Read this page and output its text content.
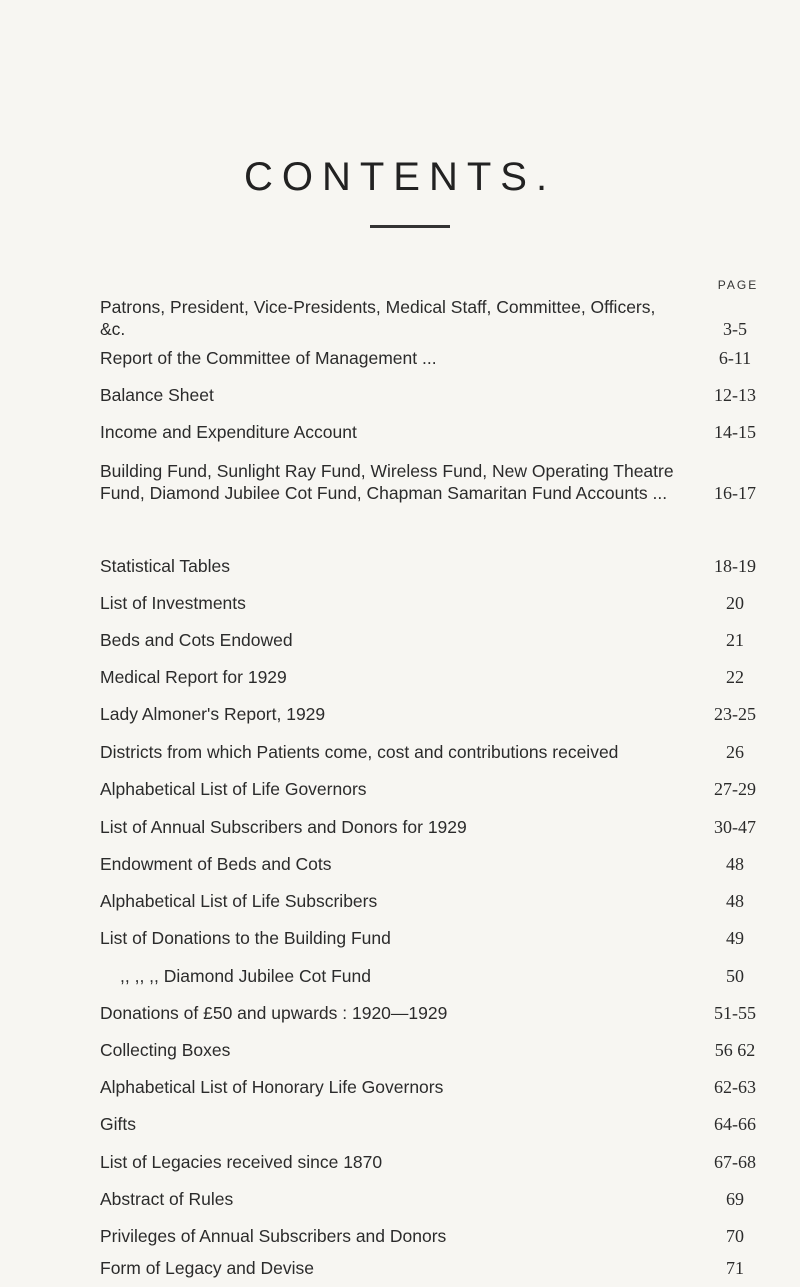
CONTENTS.
PAGE
Patrons, President, Vice-Presidents, Medical Staff, Committee, Officers, &c.	3-5
Report of the Committee of Management ...	6-11
Balance Sheet	12-13
Income and Expenditure Account	14-15
Building Fund, Sunlight Ray Fund, Wireless Fund, New Operating Theatre Fund, Diamond Jubilee Cot Fund, Chapman Samaritan Fund Accounts ...	16-17
Statistical Tables	18-19
List of Investments	20
Beds and Cots Endowed	21
Medical Report for 1929	22
Lady Almoner's Report, 1929	23-25
Districts from which Patients come, cost and contributions received	26
Alphabetical List of Life Governors	27-29
List of Annual Subscribers and Donors for 1929	30-47
Endowment of Beds and Cots	48
Alphabetical List of Life Subscribers	48
List of Donations to the Building Fund	49
,, ,, ,, Diamond Jubilee Cot Fund	50
Donations of £50 and upwards : 1920—1929	51-55
Collecting Boxes	56 62
Alphabetical List of Honorary Life Governors	62-63
Gifts	64-66
List of Legacies received since 1870	67-68
Abstract of Rules	69
Privileges of Annual Subscribers and Donors	70
Form of Legacy and Devise	71
